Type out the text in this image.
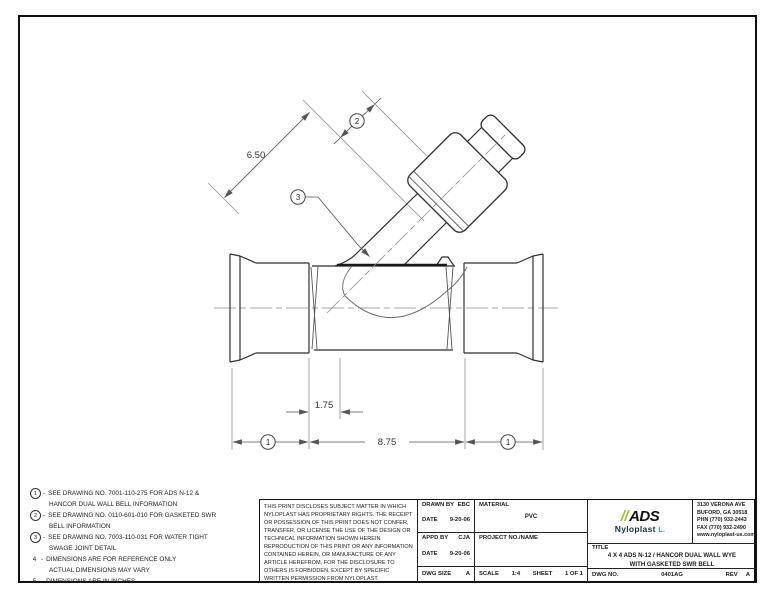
6.50
1.75
8.75
1	1
2
3
1 - SEE DRAWING NO. 7001-110-275 FOR ADS N-12 &
HANCOR DUAL WALL BELL INFORMATION
2 - SEE DRAWING NO. 0110-601-010 FOR GASKETED SWR
BELL INFORMATION
3 - SEE DRAWING NO. 7003-110-031 FOR WATER TIGHT
SWAGE JOINT DETAIL
4 - DIMENSIONS ARE FOR REFERENCE ONLY
ACTUAL DIMENSIONS MAY VARY
5 - DIMENSIONS ARE IN INCHES
THIS PRINT DISCLOSES SUBJECT MATTER IN WHICH NYLOPLAST HAS PROPRIETARY RIGHTS. THE RECEIPT OR POSSESSION OF THIS PRINT DOES NOT CONFER, TRANSFER, OR LICENSE THE USE OF THE DESIGN OR TECHNICAL INFORMATION SHOWN HEREIN REPRODUCTION OF THIS PRINT OR ANY INFORMATION CONTAINED HEREIN, OR MANUFACTURE OF ANY ARTICLE HEREFROM, FOR THE DISCLOSURE TO OTHERS IS FORBIDDEN, EXCEPT BY SPECIFIC WRITTEN PERMISSION FROM NYLOPLAST.
DRAWN BY EBC
DATE 9-20-06
APPD BY CJA
DATE 9-20-06
DWG SIZE A
MATERIAL
PVC
PROJECT NO./NAME
SCALE 1:4 SHEET 1 OF 1
//ADS
Nyloplast L.
3130 VERONA AVE
BUFORD, GA 30518
PHN (770) 932-2443
FAX (770) 932-2490
www.nyloplast-us.com
TITLE
4 X 4 ADS N-12 / HANCOR DUAL WALL WYE
WITH GASKETED SWR BELL
DWG NO.	0401AG	REV A
